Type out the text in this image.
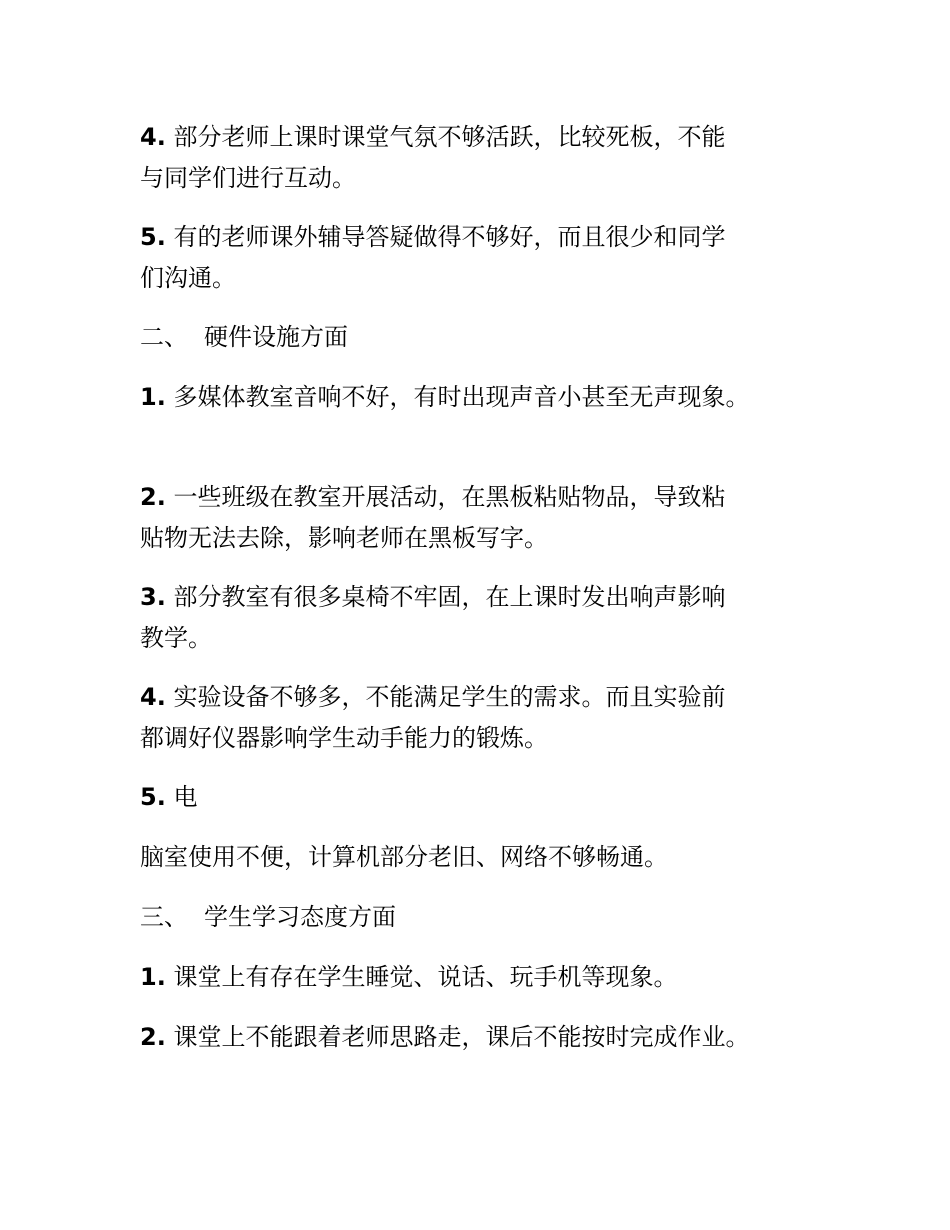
4. 部分老师上课时课堂气氛不够活跃，比较死板，不能
与同学们进行互动。
5. 有的老师课外辅导答疑做得不够好，而且很少和同学
们沟通。
二、 硬件设施方面
1. 多媒体教室音响不好，有时出现声音小甚至无声现象。
2. 一些班级在教室开展活动，在黑板粘贴物品，导致粘
贴物无法去除，影响老师在黑板写字。
3. 部分教室有很多桌椅不牢固，在上课时发出响声影响
教学。
4. 实验设备不够多，不能满足学生的需求。而且实验前
都调好仪器影响学生动手能力的锻炼。
5. 电
脑室使用不便，计算机部分老旧、网络不够畅通。
三、 学生学习态度方面
1. 课堂上有存在学生睡觉、说话、玩手机等现象。
2. 课堂上不能跟着老师思路走，课后不能按时完成作业。
